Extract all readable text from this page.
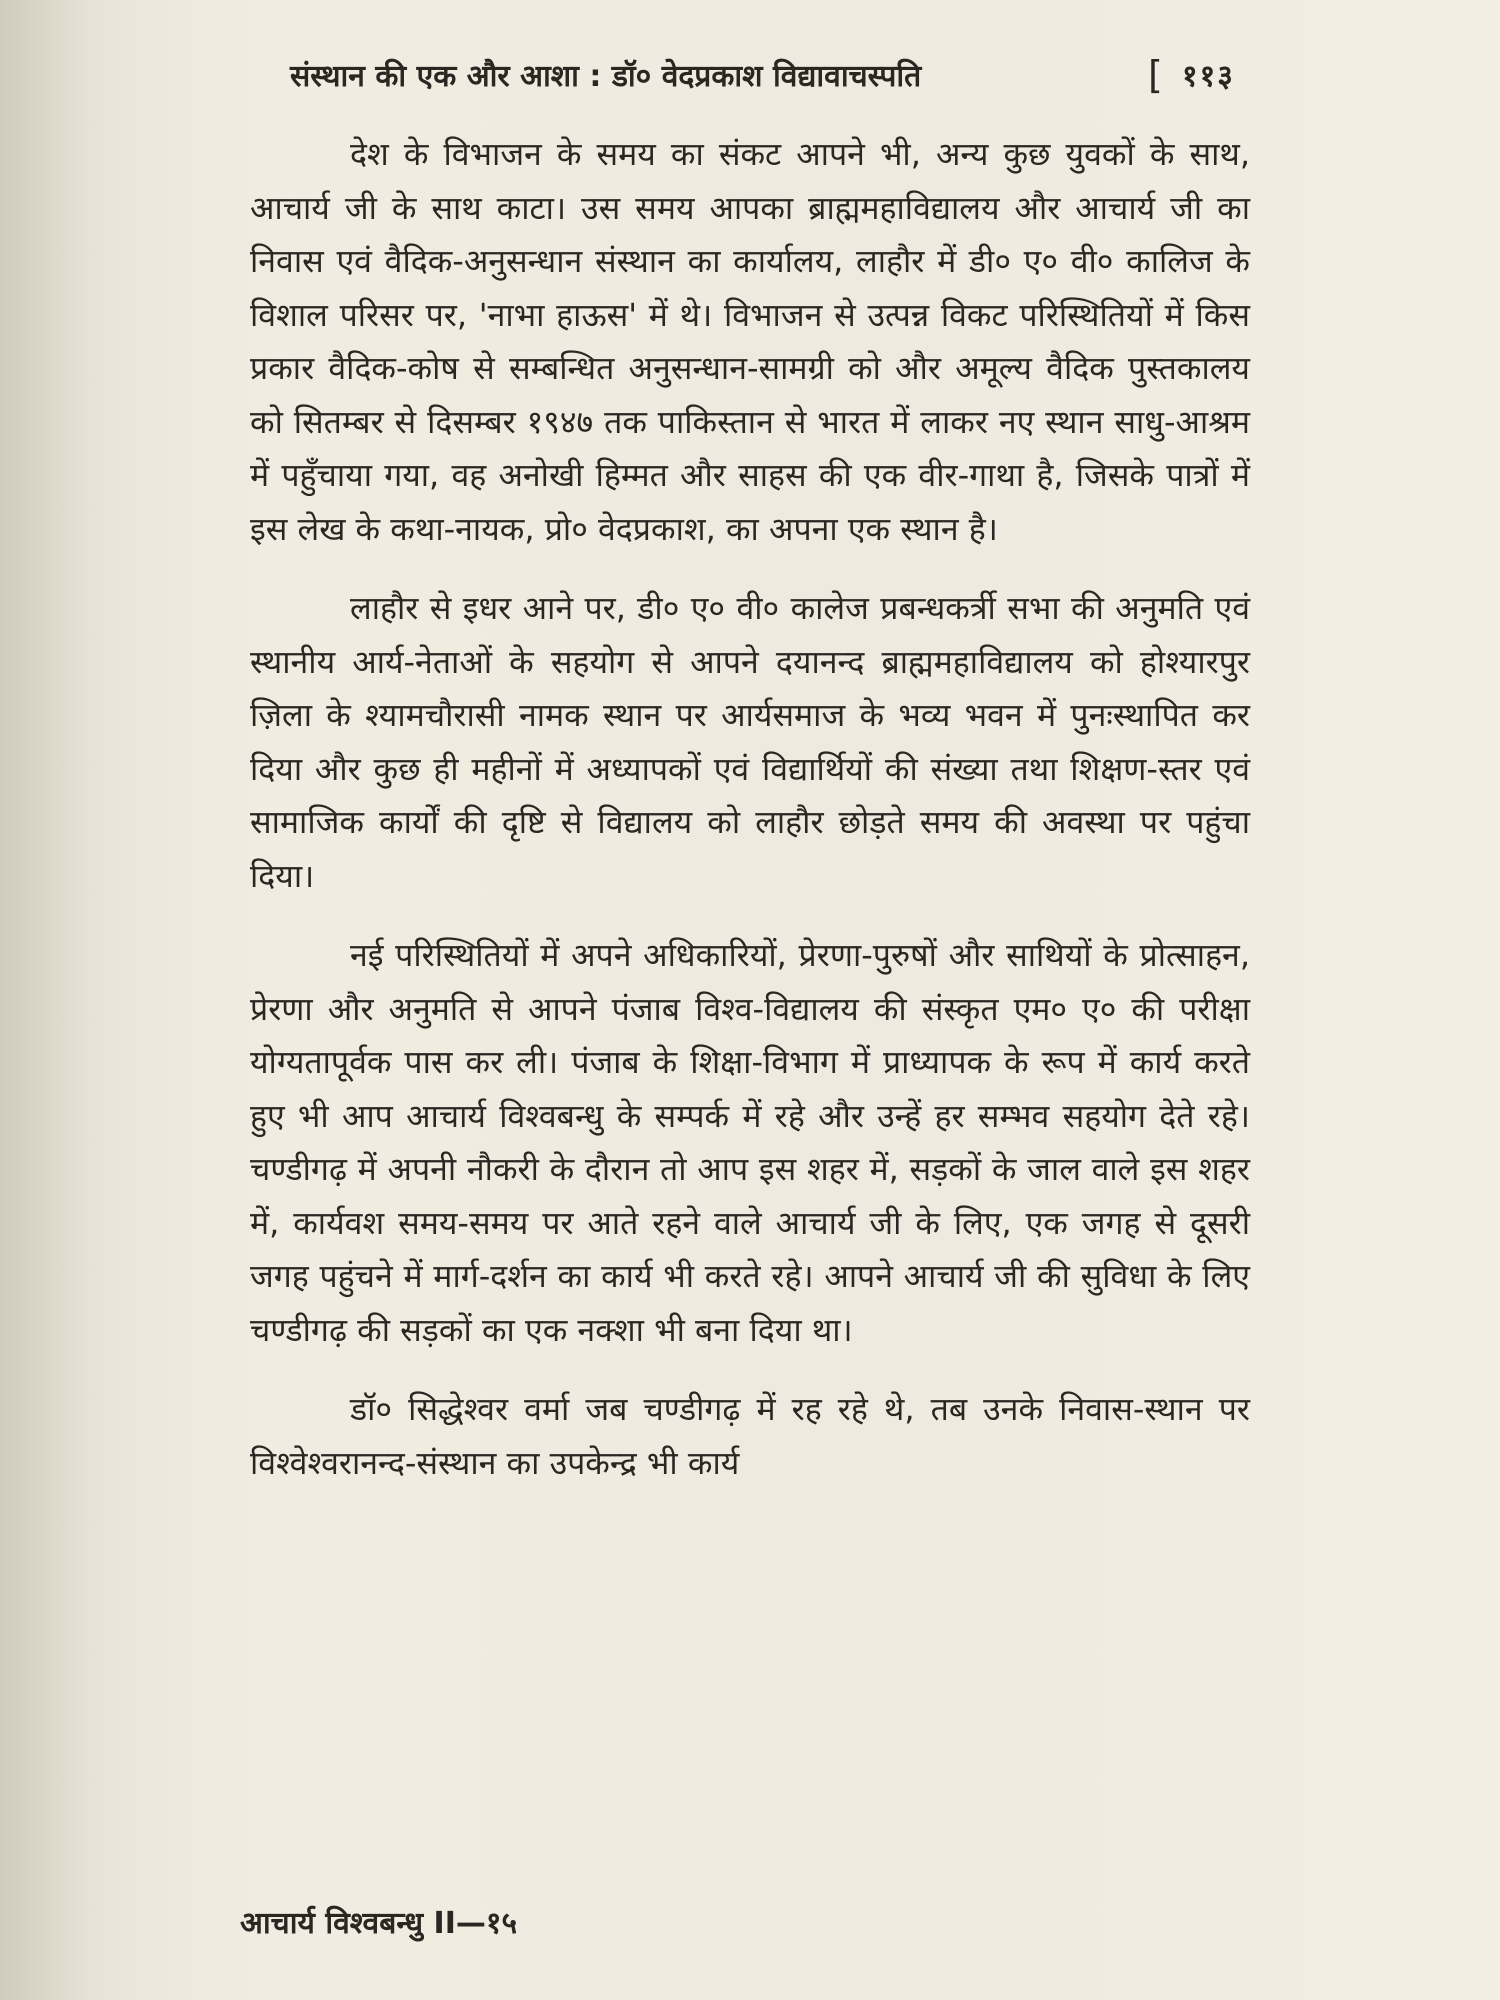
संस्थान की एक और आशा : डॉ० वेदप्रकाश विद्यावाचस्पति	[ ११३

देश के विभाजन के समय का संकट आपने भी, अन्य कुछ युवकों के साथ, आचार्य जी के साथ काटा। उस समय आपका ब्राह्ममहाविद्यालय और आचार्य जी का निवास एवं वैदिक-अनुसन्धान संस्थान का कार्यालय, लाहौर में डी० ए० वी० कालिज के विशाल परिसर पर, 'नाभा हाऊस' में थे। विभाजन से उत्पन्न विकट परिस्थितियों में किस प्रकार वैदिक-कोष से सम्बन्धित अनुसन्धान-सामग्री को और अमूल्य वैदिक पुस्तकालय को सितम्बर से दिसम्बर १९४७ तक पाकिस्तान से भारत में लाकर नए स्थान साधु-आश्रम में पहुँचाया गया, वह अनोखी हिम्मत और साहस की एक वीर-गाथा है, जिसके पात्रों में इस लेख के कथा-नायक, प्रो० वेदप्रकाश, का अपना एक स्थान है।

लाहौर से इधर आने पर, डी० ए० वी० कालेज प्रबन्धकर्त्री सभा की अनुमति एवं स्थानीय आर्य-नेताओं के सहयोग से आपने दयानन्द ब्राह्ममहाविद्यालय को होश्यारपुर ज़िला के श्यामचौरासी नामक स्थान पर आर्यसमाज के भव्य भवन में पुनःस्थापित कर दिया और कुछ ही महीनों में अध्यापकों एवं विद्यार्थियों की संख्या तथा शिक्षण-स्तर एवं सामाजिक कार्यों की दृष्टि से विद्यालय को लाहौर छोड़ते समय की अवस्था पर पहुंचा दिया।

नई परिस्थितियों में अपने अधिकारियों, प्रेरणा-पुरुषों और साथियों के प्रोत्साहन, प्रेरणा और अनुमति से आपने पंजाब विश्व-विद्यालय की संस्कृत एम० ए० की परीक्षा योग्यतापूर्वक पास कर ली। पंजाब के शिक्षा-विभाग में प्राध्यापक के रूप में कार्य करते हुए भी आप आचार्य विश्वबन्धु के सम्पर्क में रहे और उन्हें हर सम्भव सहयोग देते रहे। चण्डीगढ़ में अपनी नौकरी के दौरान तो आप इस शहर में, सड़कों के जाल वाले इस शहर में, कार्यवश समय-समय पर आते रहने वाले आचार्य जी के लिए, एक जगह से दूसरी जगह पहुंचने में मार्ग-दर्शन का कार्य भी करते रहे। आपने आचार्य जी की सुविधा के लिए चण्डीगढ़ की सड़कों का एक नक्शा भी बना दिया था।

डॉ० सिद्धेश्वर वर्मा जब चण्डीगढ़ में रह रहे थे, तब उनके निवास-स्थान पर विश्वेश्वरानन्द-संस्थान का उपकेन्द्र भी कार्य

आचार्य विश्वबन्धु II—१५
